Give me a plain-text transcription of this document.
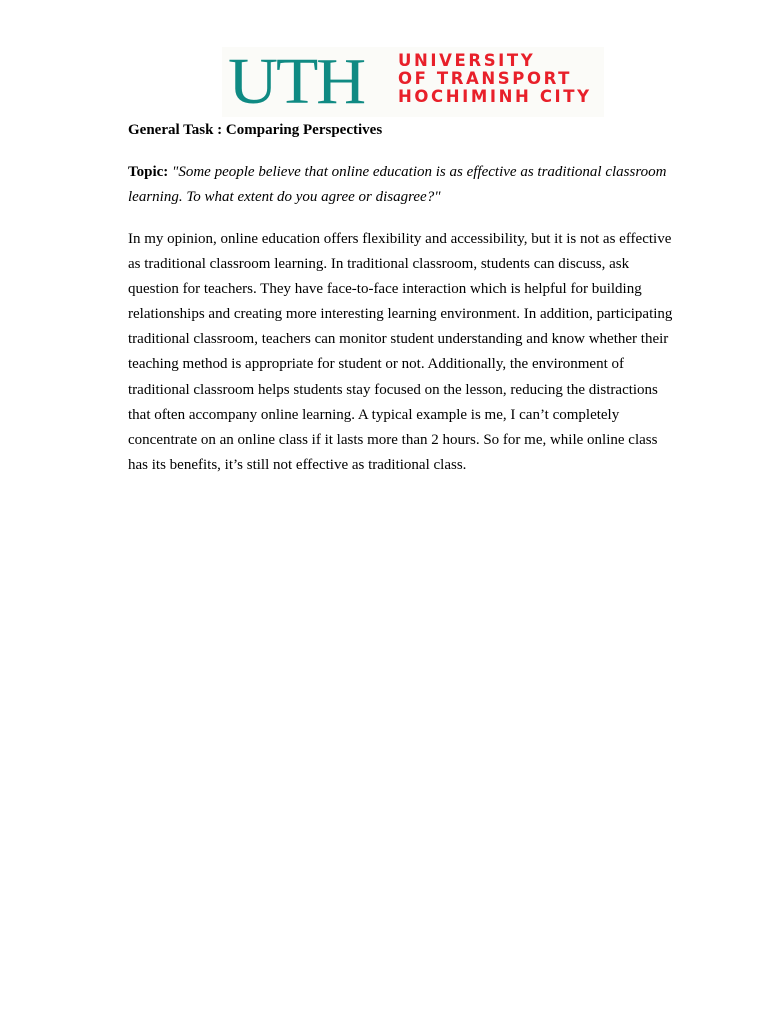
UTH UNIVERSITY
OF TRANSPORT
HOCHIMINH CITY
General Task : Comparing Perspectives
Topic: "Some people believe that online education is as effective as traditional classroom
learning. To what extent do you agree or disagree?"
In my opinion, online education offers flexibility and accessibility, but it is not as effective
as traditional classroom learning. In traditional classroom, students can discuss, ask
question for teachers. They have face-to-face interaction which is helpful for building
relationships and creating more interesting learning environment. In addition, participating
traditional classroom, teachers can monitor student understanding and know whether their
teaching method is appropriate for student or not. Additionally, the environment of
traditional classroom helps students stay focused on the lesson, reducing the distractions
that often accompany online learning. A typical example is me, I can’t completely
concentrate on an online class if it lasts more than 2 hours. So for me, while online class
has its benefits, it’s still not effective as traditional class.
